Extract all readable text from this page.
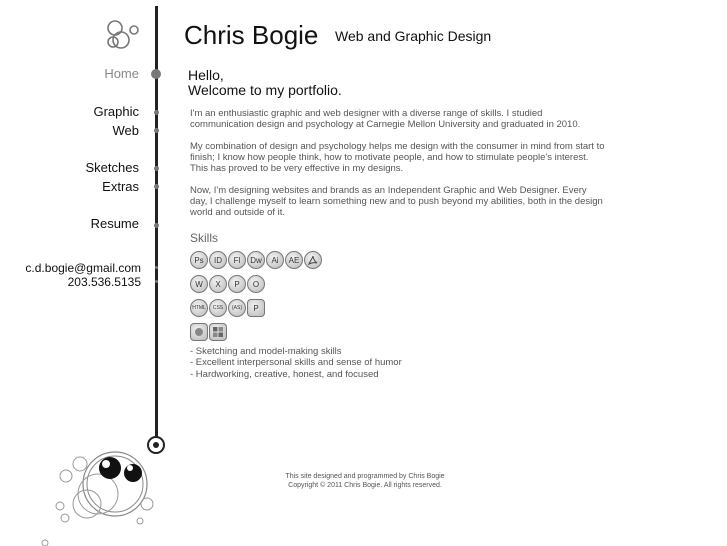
Chris Bogie Web and Graphic Design
Home
Graphic
Web
Sketches
Extras
Resume
c.d.bogie@gmail.com
203.536.5135
Hello,
Welcome to my portfolio.
I'm an enthusiastic graphic and web designer with a diverse range of skills. I studied communication design and psychology at Carnegie Mellon University and graduated in 2010.
My combination of design and psychology helps me design with the consumer in mind from start to finish; I know how people think, how to motivate people, and how to stimulate people's interest. This has proved to be very effective in my designs.
Now, I'm designing websites and brands as an Independent Graphic and Web Designer. Every day, I challenge myself to learn something new and to push beyond my abilities, both in the design world and outside of it.
Skills
Ps	ID	Fl	Dw	Ai	AE
W	X	P	O
HTML	CSS	{AS}	P
- Sketching and model-making skills
- Excellent interpersonal skills and sense of humor
- Hardworking, creative, honest, and focused
This site designed and programmed by Chris Bogie
Copyright © 2011 Chris Bogie. All rights reserved.
